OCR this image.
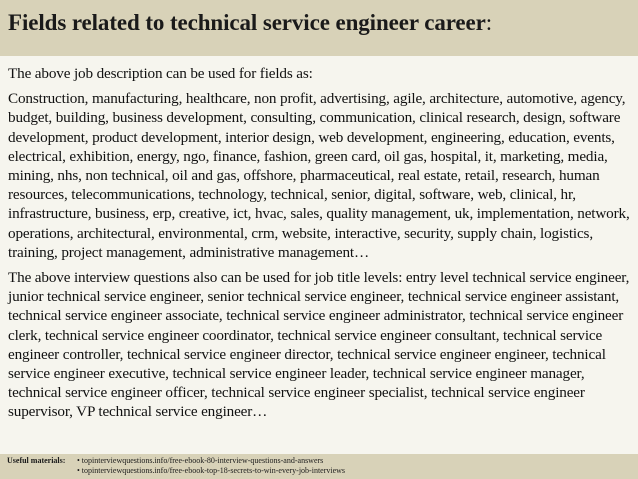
Fields related to technical service engineer career:

The above job description can be used for fields as:

Construction, manufacturing, healthcare, non profit, advertising, agile, architecture, automotive, agency, budget, building, business development, consulting, communication, clinical research, design, software development, product development, interior design, web development, engineering, education, events, electrical, exhibition, energy, ngo, finance, fashion, green card, oil gas, hospital, it, marketing, media, mining, nhs, non technical, oil and gas, offshore, pharmaceutical, real estate, retail, research, human resources, telecommunications, technology, technical, senior, digital, software, web, clinical, hr, infrastructure, business, erp, creative, ict, hvac, sales, quality management, uk, implementation, network, operations, architectural, environmental, crm, website, interactive, security, supply chain, logistics, training, project management, administrative management…

The above interview questions also can be used for job title levels: entry level technical service engineer, junior technical service engineer, senior technical service engineer, technical service engineer assistant, technical service engineer associate, technical service engineer administrator, technical service engineer clerk, technical service engineer coordinator, technical service engineer consultant, technical service engineer controller, technical service engineer director, technical service engineer engineer, technical service engineer executive, technical service engineer leader, technical service engineer manager, technical service engineer officer, technical service engineer specialist, technical service engineer supervisor, VP technical service engineer…

Useful materials:	• topinterviewquestions.info/free-ebook-80-interview-questions-and-answers
• topinterviewquestions.info/free-ebook-top-18-secrets-to-win-every-job-interviews
